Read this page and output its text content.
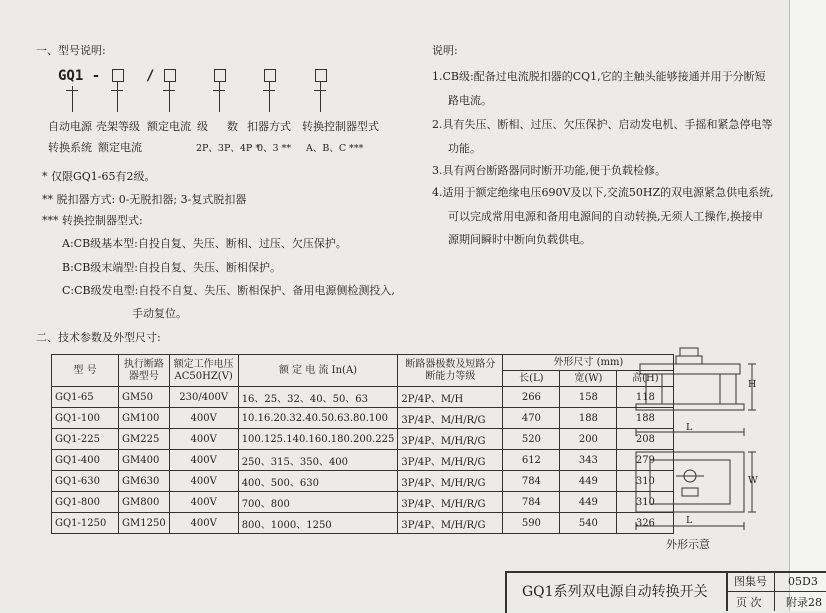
一、型号说明:
GQ1 -	/
自动电源 壳架等级 额定电流 级 数 扣器方式 转换控制器型式
转换系统 额定电流	2P、3P、4P *
0、3 ** A、B、C ***
* 仅限GQ1-65有2级。
** 脱扣器方式: 0-无脱扣器; 3-复式脱扣器
*** 转换控制器型式:
A:CB级基本型:自投自复、失压、断相、过压、欠压保护。
B:CB级末端型:自投自复、失压、断相保护。
C:CB级发电型:自投不自复、失压、断相保护、备用电源侧检测投入,
手动复位。
二、技术参数及外型尺寸:
说明:
1.CB级:配备过电流脱扣器的CQ1,它的主触头能够接通并用于分断短
路电流。
2.具有失压、断相、过压、欠压保护、启动发电机、手摇和紧急停电等
功能。
3.具有两台断路器同时断开功能,便于负载检修。
4.适用于额定绝缘电压690V及以下,交流50HZ的双电源紧急供电系统,
可以完成常用电源和备用电源间的自动转换,无须人工操作,换接申
源期间瞬时中断向负载供电。
型 号	执行断路器型号	额定工作电压AC50HZ(V)	额 定 电 流 In(A)	断路器极数及短路分断能力等级	外形尺寸 (mm)		
					长(L)	宽(W)	高(H)
GQ1-65	GM50	230/400V	16、25、32、40、50、63	2P/4P、M/H	266	158	118
GQ1-100	GM100	400V	10.16.20.32.40.50.63.80.100	3P/4P、M/H/R/G	470	188	188
GQ1-225	GM225	400V	100.125.140.160.180.200.225	3P/4P、M/H/R/G	520	200	208
GQ1-400	GM400	400V	250、315、350、400	3P/4P、M/H/R/G	612	343	279
GQ1-630	GM630	400V	400、500、630	3P/4P、M/H/R/G	784	449	310
GQ1-800	GM800	400V	700、800	3P/4P、M/H/R/G	784	449	310
GQ1-1250	GM1250	400V	800、1000、1250	3P/4P、M/H/R/G	590	540	326
H
L
W
L
外形示意
GQ1系列双电源自动转换开关
图集号 05D3
页 次 附录28
